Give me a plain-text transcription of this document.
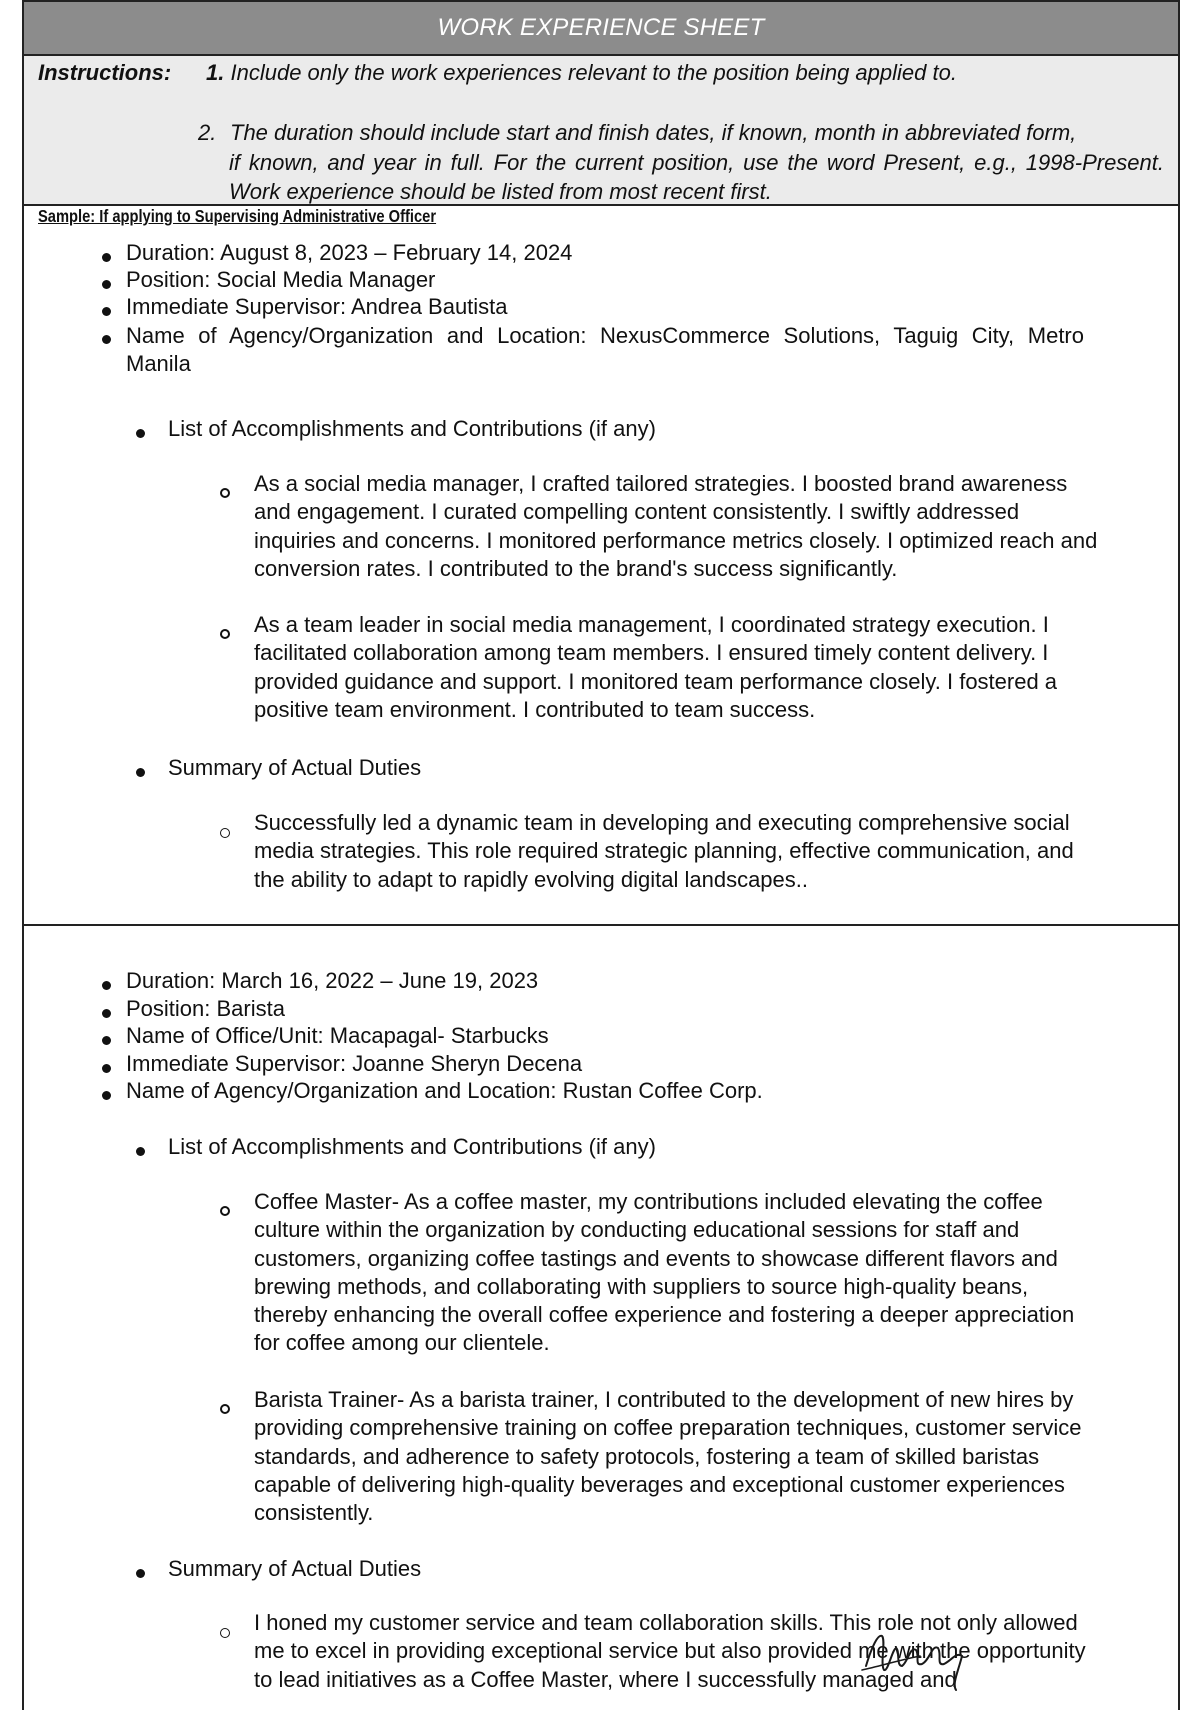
WORK EXPERIENCE SHEET
Instructions: 1. Include only the work experiences relevant to the position being applied to.
2. The duration should include start and finish dates, if known, month in abbreviated form,
if known, and year in full. For the current position, use the word Present, e.g., 1998-Present. Work experience should be listed from most recent first.
Sample: If applying to Supervising Administrative Officer
Duration: August 8, 2023 – February 14, 2024
Position: Social Media Manager
Immediate Supervisor: Andrea Bautista
Name of Agency/Organization and Location: NexusCommerce Solutions, Taguig City, Metro Manila
List of Accomplishments and Contributions (if any)
As a social media manager, I crafted tailored strategies. I boosted brand awareness and engagement. I curated compelling content consistently. I swiftly addressed inquiries and concerns. I monitored performance metrics closely. I optimized reach and conversion rates. I contributed to the brand's success significantly.
As a team leader in social media management, I coordinated strategy execution. I facilitated collaboration among team members. I ensured timely content delivery. I provided guidance and support. I monitored team performance closely. I fostered a positive team environment. I contributed to team success.
Summary of Actual Duties
Successfully led a dynamic team in developing and executing comprehensive social media strategies. This role required strategic planning, effective communication, and the ability to adapt to rapidly evolving digital landscapes..
Duration: March 16, 2022 – June 19, 2023
Position: Barista
Name of Office/Unit: Macapagal- Starbucks
Immediate Supervisor: Joanne Sheryn Decena
Name of Agency/Organization and Location: Rustan Coffee Corp.
List of Accomplishments and Contributions (if any)
Coffee Master- As a coffee master, my contributions included elevating the coffee culture within the organization by conducting educational sessions for staff and customers, organizing coffee tastings and events to showcase different flavors and brewing methods, and collaborating with suppliers to source high-quality beans, thereby enhancing the overall coffee experience and fostering a deeper appreciation for coffee among our clientele.
Barista Trainer- As a barista trainer, I contributed to the development of new hires by providing comprehensive training on coffee preparation techniques, customer service standards, and adherence to safety protocols, fostering a team of skilled baristas capable of delivering high-quality beverages and exceptional customer experiences consistently.
Summary of Actual Duties
I honed my customer service and team collaboration skills. This role not only allowed me to excel in providing exceptional service but also provided me with the opportunity to lead initiatives as a Coffee Master, where I successfully managed and
